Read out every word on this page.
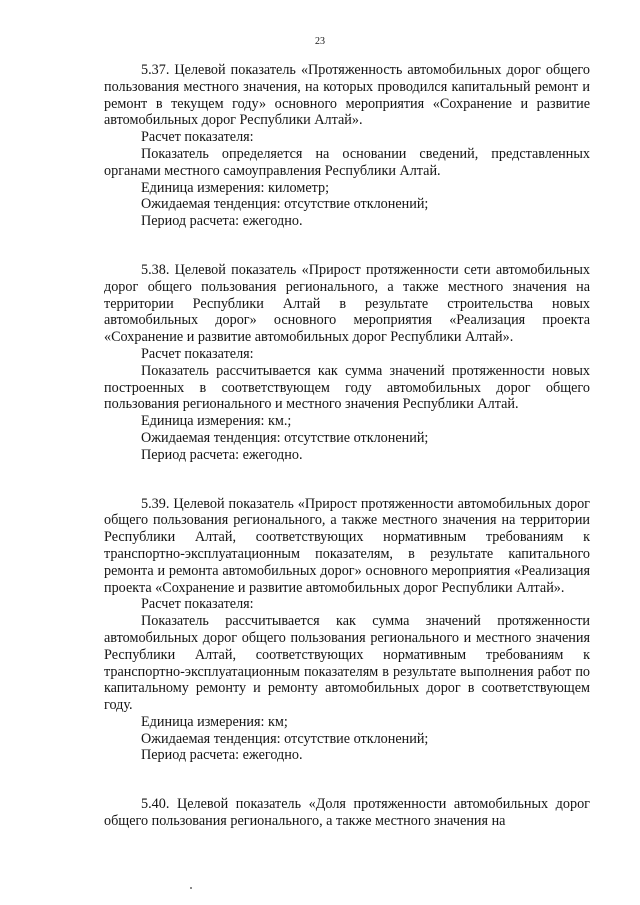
23

5.37. Целевой показатель «Протяженность автомобильных дорог общего пользования местного значения, на которых проводился капитальный ремонт и ремонт в текущем году» основного мероприятия «Сохранение и развитие автомобильных дорог Республики Алтай».

Расчет показателя:

Показатель определяется на основании сведений, представленных органами местного самоуправления Республики Алтай.

Единица измерения: километр;

Ожидаемая тенденция: отсутствие отклонений;

Период расчета: ежегодно.

5.38. Целевой показатель «Прирост протяженности сети автомобильных дорог общего пользования регионального, а также местного значения на территории Республики Алтай в результате строительства новых автомобильных дорог» основного мероприятия «Реализация проекта «Сохранение и развитие автомобильных дорог Республики Алтай».

Расчет показателя:

Показатель рассчитывается как сумма значений протяженности новых построенных в соответствующем году автомобильных дорог общего пользования регионального и местного значения Республики Алтай.

Единица измерения: км.;

Ожидаемая тенденция: отсутствие отклонений;

Период расчета: ежегодно.

5.39. Целевой показатель «Прирост протяженности автомобильных дорог общего пользования регионального, а также местного значения на территории Республики Алтай, соответствующих нормативным требованиям к транспортно-эксплуатационным показателям, в результате капитального ремонта и ремонта автомобильных дорог» основного мероприятия «Реализация проекта «Сохранение и развитие автомобильных дорог Республики Алтай».

Расчет показателя:

Показатель рассчитывается как сумма значений протяженности автомобильных дорог общего пользования регионального и местного значения Республики Алтай, соответствующих нормативным требованиям к транспортно-эксплуатационным показателям в результате выполнения работ по капитальному ремонту и ремонту автомобильных дорог в соответствующем году.

Единица измерения: км;

Ожидаемая тенденция: отсутствие отклонений;

Период расчета: ежегодно.

5.40. Целевой показатель «Доля протяженности автомобильных дорог общего пользования регионального, а также местного значения на
